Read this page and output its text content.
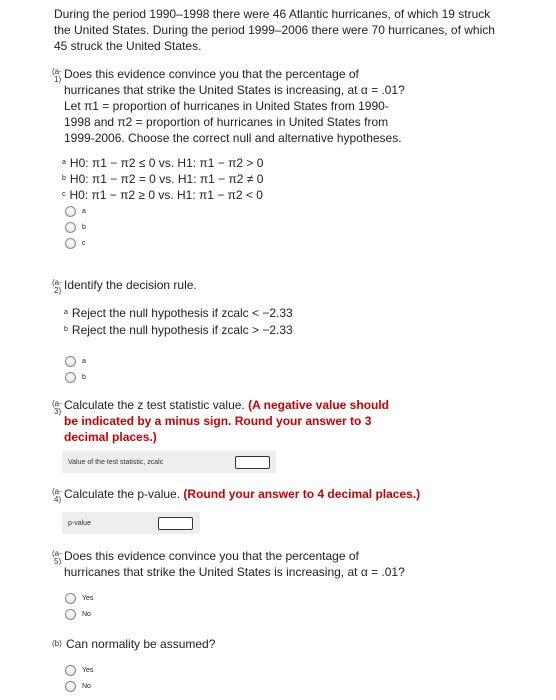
During the period 1990–1998 there were 46 Atlantic hurricanes, of which 19 struck the United States. During the period 1999–2006 there were 70 hurricanes, of which 45 struck the United States.
(a-
1) Does this evidence convince you that the percentage of hurricanes that strike the United States is increasing, at α = .01? Let π1 = proportion of hurricanes in United States from 1990-1998 and π2 = proportion of hurricanes in United States from 1999-2006. Choose the correct null and alternative hypotheses.
$^a$ H0: π1 − π2 ≤ 0 vs. H1: π1 − π2 > 0
$^b$ H0: π1 − π2 = 0 vs. H1: π1 − π2 ≠ 0
$^c$ H0: π1 − π2 ≥ 0 vs. H1: π1 − π2 < 0
a
b
c
(a-
2) Identify the decision rule.
$^a$ Reject the null hypothesis if zcalc < −2.33
$^b$ Reject the null hypothesis if zcalc > −2.33
a
b
(a-
3) Calculate the z test statistic value. (A negative value should be indicated by a minus sign. Round your answer to 3 decimal places.)
Value of the test statistic, zcalc
(a-
4) Calculate the p-value. (Round your answer to 4 decimal places.)
p-value
(a-
5) Does this evidence convince you that the percentage of hurricanes that strike the United States is increasing, at α = .01?
Yes
No
(b) Can normality be assumed?
Yes
No
